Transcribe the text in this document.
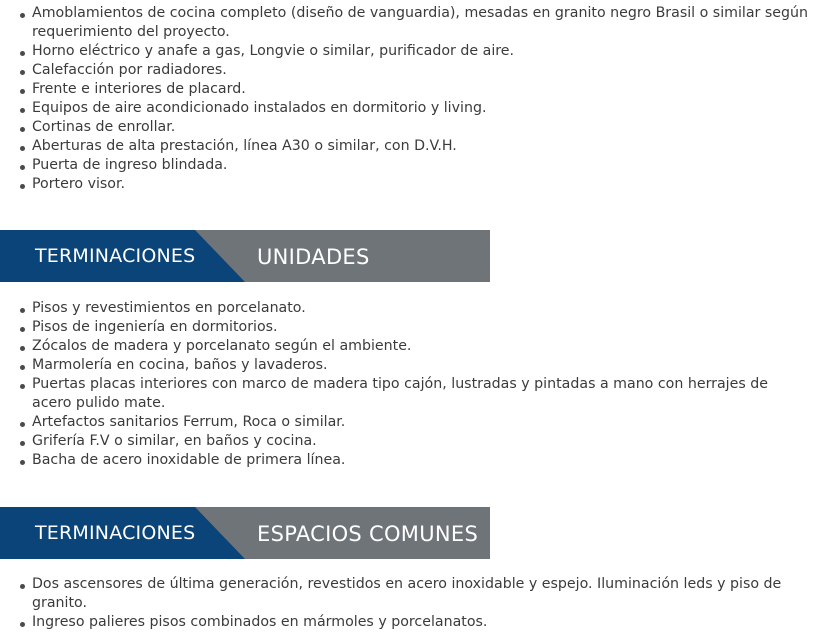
Amoblamientos de cocina completo (diseño de vanguardia), mesadas en granito negro Brasil o similar según requerimiento del proyecto.
Horno eléctrico y anafe a gas, Longvie o similar, purificador de aire.
Calefacción por radiadores.
Frente e interiores de placard.
Equipos de aire acondicionado instalados en dormitorio y living.
Cortinas de enrollar.
Aberturas de alta prestación, línea A30 o similar, con D.V.H.
Puerta de ingreso blindada.
Portero visor.
TERMINACIONES	UNIDADES
Pisos y revestimientos en porcelanato.
Pisos de ingeniería en dormitorios.
Zócalos de madera y porcelanato según el ambiente.
Marmolería en cocina, baños y lavaderos.
Puertas placas interiores con marco de madera tipo cajón, lustradas y pintadas a mano con herrajes de acero pulido mate.
Artefactos sanitarios Ferrum, Roca o similar.
Grifería F.V o similar, en baños y cocina.
Bacha de acero inoxidable de primera línea.
TERMINACIONES	ESPACIOS COMUNES
Dos ascensores de última generación, revestidos en acero inoxidable y espejo. Iluminación leds y piso de granito.
Ingreso palieres pisos combinados en mármoles y porcelanatos.
